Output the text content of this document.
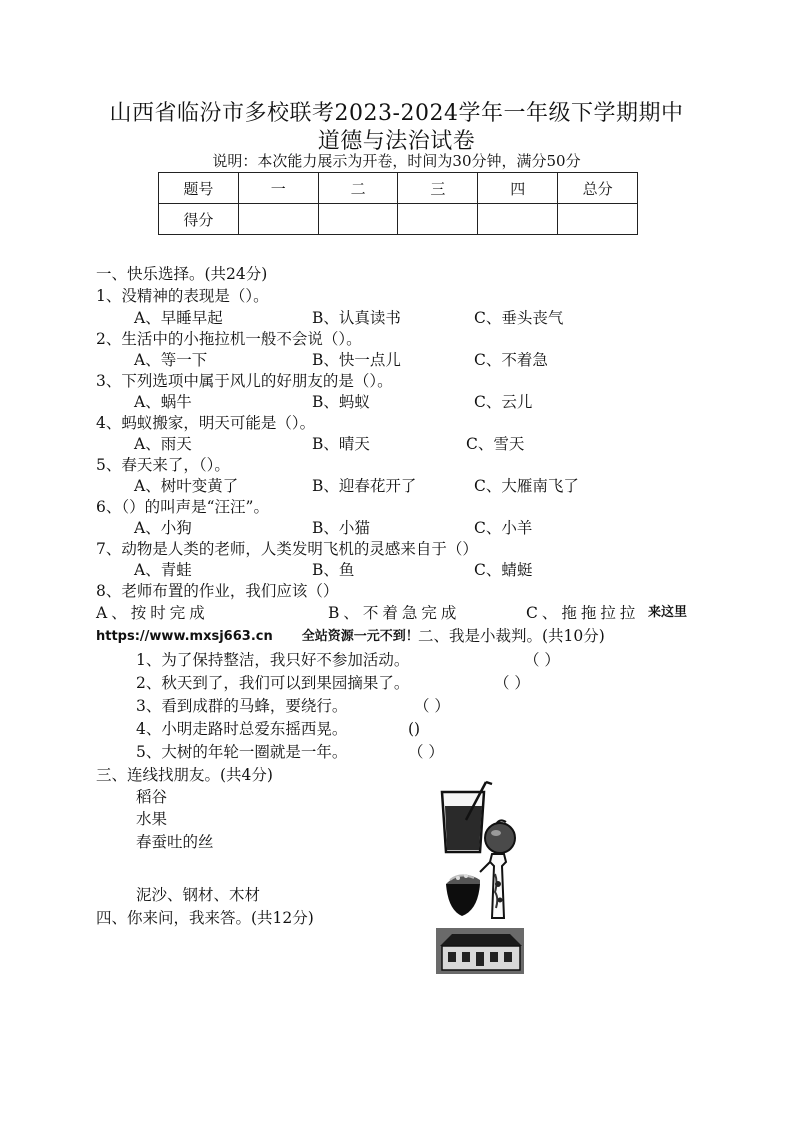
山西省临汾市多校联考2023-2024学年一年级下学期期中
道德与法治试卷
说明：本次能力展示为开卷，时间为30分钟，满分50分
题号	一	二	三	四	总分
得分					
一、快乐选择。(共24分)
1、没精神的表现是（）。
A、早睡早起	B、认真读书	C、垂头丧气
2、生活中的小拖拉机一般不会说（）。
A、等一下	B、快一点儿	C、不着急
3、下列选项中属于风儿的好朋友的是（）。
A、蜗牛	B、蚂蚁	C、云儿
4、蚂蚁搬家，明天可能是（）。
A、雨天	B、晴天	C、雪天
5、春天来了，（）。
A、树叶变黄了	B、迎春花开了	C、大雁南飞了
6、（）的叫声是“汪汪”。
A、小狗	B、小猫	C、小羊
7、动物是人类的老师，人类发明飞机的灵感来自于（）
A、青蛙	B、鱼	C、蜻蜓
8、老师布置的作业，我们应该（）
A、按时完成	B、不着急完成	C、拖拖拉拉 来这里
https://www.mxsj663.cn 全站资源一元不到！ 二、我是小裁判。(共10分)
1、为了保持整洁，我只好不参加活动。	（ ）
2、秋天到了，我们可以到果园摘果了。	（ ）
3、看到成群的马蜂，要绕行。	（ ）
4、小明走路时总爱东摇西晃。	()
5、大树的年轮一圈就是一年。	（ ）
三、连线找朋友。(共4分)
稻谷
水果
春蚕吐的丝
泥沙、钢材、木材
四、你来问，我来答。(共12分)
